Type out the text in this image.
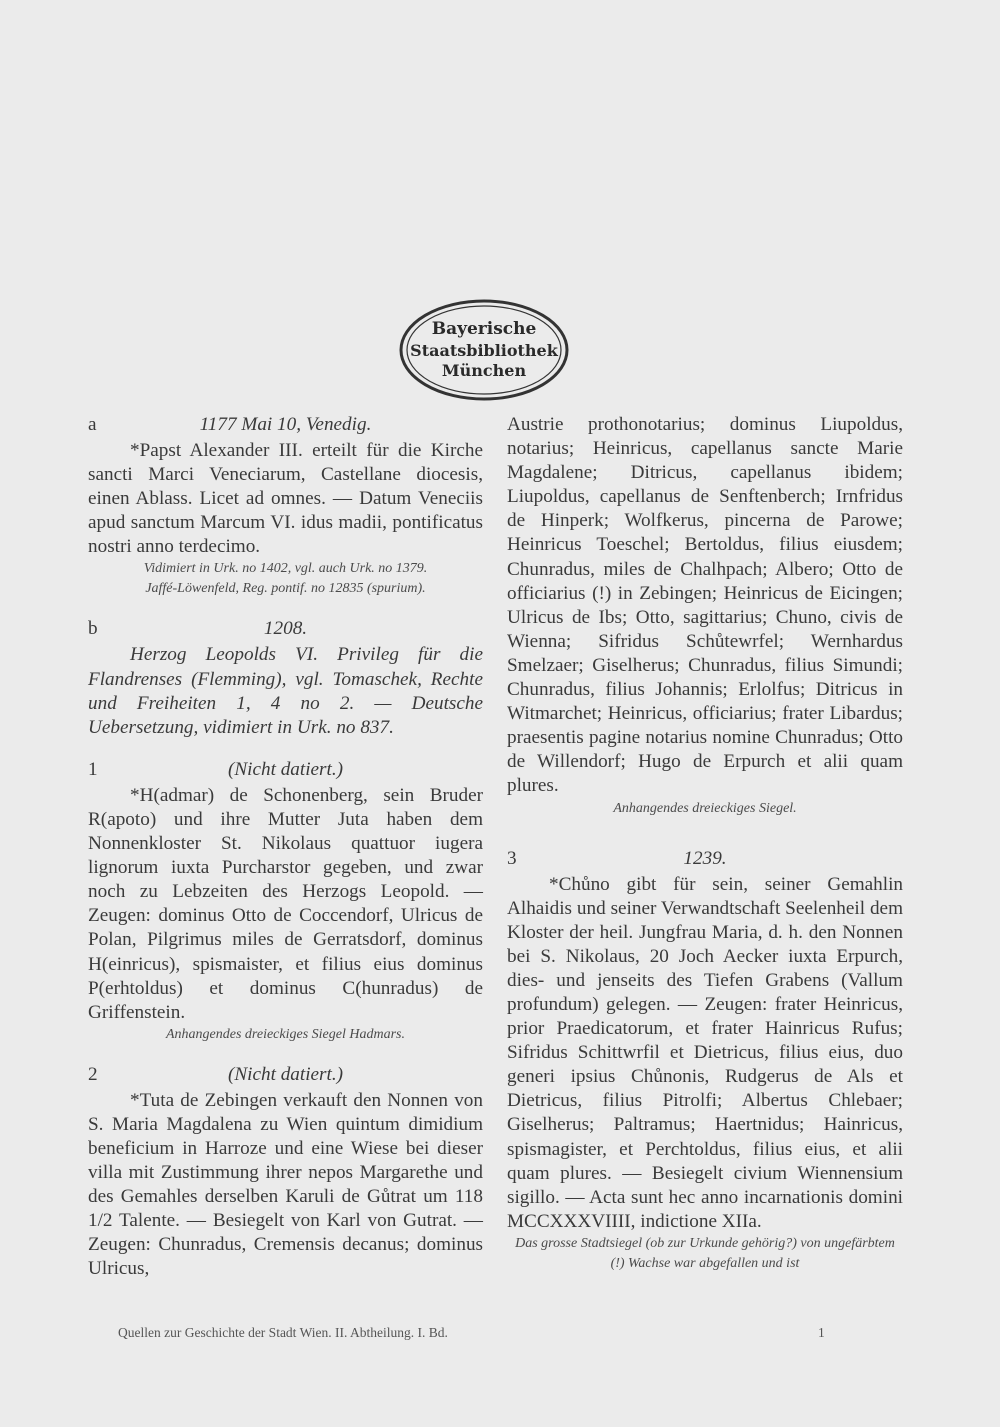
Bayerische
Staatsbibliothek
München
a	1177 Mai 10, Venedig.

*Papst Alexander III. erteilt für die Kirche sancti Marci Veneciarum, Castellane diocesis, einen Ablass. Licet ad omnes. — Datum Veneciis apud sanctum Marcum VI. idus madii, pontificatus nostri anno terdecimo.

Vidimiert in Urk. no 1402, vgl. auch Urk. no 1379.

Jaffé-Löwenfeld, Reg. pontif. no 12835 (spurium).

b	1208.

Herzog Leopolds VI. Privileg für die Flandrenses (Flemming), vgl. Tomaschek, Rechte und Freiheiten 1, 4 no 2. — Deutsche Uebersetzung, vidimiert in Urk. no 837.

1	(Nicht datiert.)

*H(admar) de Schonenberg, sein Bruder R(apoto) und ihre Mutter Juta haben dem Nonnenkloster St. Nikolaus quattuor iugera lignorum iuxta Purcharstor gegeben, und zwar noch zu Lebzeiten des Herzogs Leopold. — Zeugen: dominus Otto de Coccendorf, Ulricus de Polan, Pilgrimus miles de Gerratsdorf, dominus H(einricus), spismaister, et filius eius dominus P(erhtoldus) et dominus C(hunradus) de Griffenstein.

Anhangendes dreieckiges Siegel Hadmars.

2	(Nicht datiert.)

*Tuta de Zebingen verkauft den Nonnen von S. Maria Magdalena zu Wien quintum dimidium beneficium in Harroze und eine Wiese bei dieser villa mit Zustimmung ihrer nepos Margarethe und des Gemahles derselben Karuli de Gůtrat um 118 1/2 Talente. — Besiegelt von Karl von Gutrat. — Zeugen: Chunradus, Cremensis decanus; dominus Ulricus,

Austrie prothonotarius; dominus Liupoldus, notarius; Heinricus, capellanus sancte Marie Magdalene; Ditricus, capellanus ibidem; Liupoldus, capellanus de Senftenberch; Irnfridus de Hinperk; Wolfkerus, pincerna de Parowe; Heinricus Toeschel; Bertoldus, filius eiusdem; Chunradus, miles de Chalhpach; Albero; Otto de officiarius (!) in Zebingen; Heinricus de Eicingen; Ulricus de Ibs; Otto, sagittarius; Chuno, civis de Wienna; Sifridus Schůtewrfel; Wernhardus Smelzaer; Giselherus; Chunradus, filius Simundi; Chunradus, filius Johannis; Erlolfus; Ditricus in Witmarchet; Heinricus, officiarius; frater Libardus; praesentis pagine notarius nomine Chunradus; Otto de Willendorf; Hugo de Erpurch et alii quam plures.

Anhangendes dreieckiges Siegel.

3	1239.

*Chůno gibt für sein, seiner Gemahlin Alhaidis und seiner Verwandtschaft Seelenheil dem Kloster der heil. Jungfrau Maria, d. h. den Nonnen bei S. Nikolaus, 20 Joch Aecker iuxta Erpurch, dies- und jenseits des Tiefen Grabens (Vallum profundum) gelegen. — Zeugen: frater Heinricus, prior Praedicatorum, et frater Hainricus Rufus; Sifridus Schittwrfil et Dietricus, filius eius, duo generi ipsius Chůnonis, Rudgerus de Als et Dietricus, filius Pitrolfi; Albertus Chlebaer; Giselherus; Paltramus; Haertnidus; Hainricus, spismagister, et Perchtoldus, filius eius, et alii quam plures. — Besiegelt civium Wiennensium sigillo. — Acta sunt hec anno incarnationis domini MCCXXXVIIII, indictione XIIa.

Das grosse Stadtsiegel (ob zur Urkunde gehörig?) von ungefärbtem (!) Wachse war abgefallen und ist

Quellen zur Geschichte der Stadt Wien. II. Abtheilung. I. Bd.	1
